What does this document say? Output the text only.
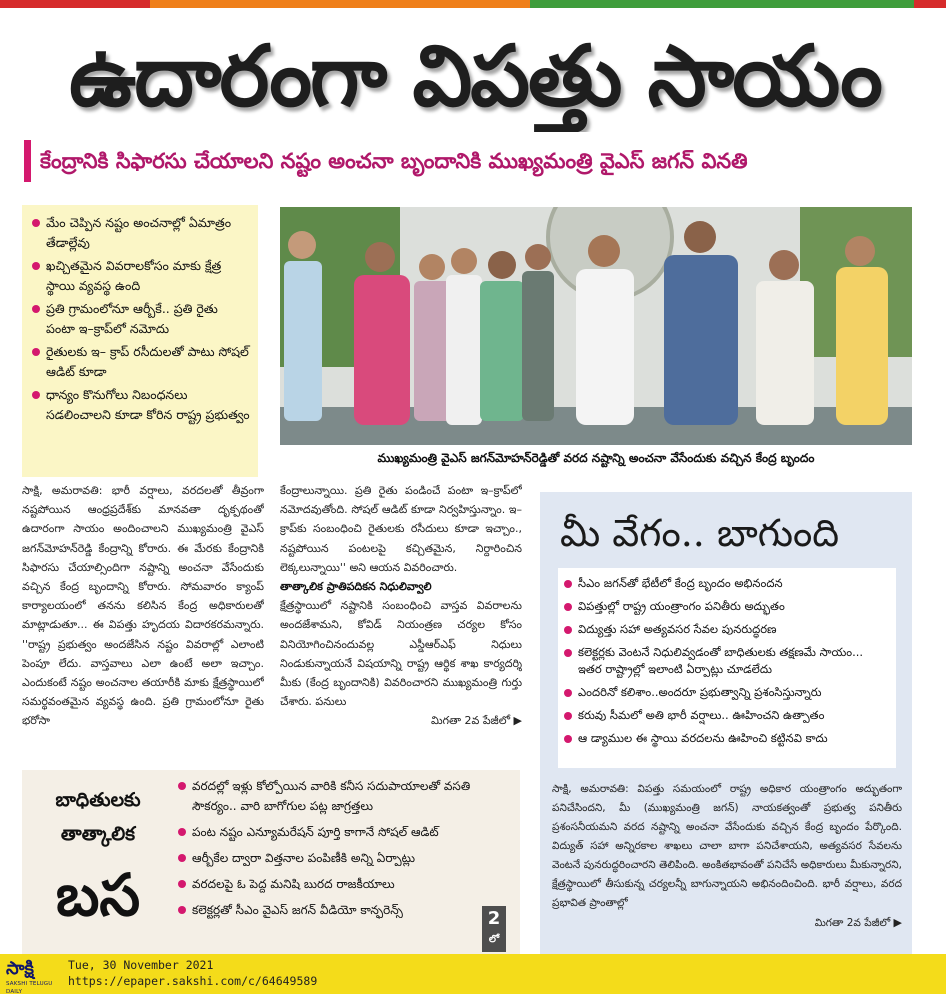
ఉదారంగా విపత్తు సాయం
కేంద్రానికి సిఫారసు చేయాలని నష్టం అంచనా బృందానికి ముఖ్యమంత్రి వైఎస్ జగన్ వినతి
మేం చెప్పిన నష్టం అంచనాల్లో ఏమాత్రం తేడాల్లేవు
ఖచ్చితమైన వివరాలకోసం మాకు క్షేత్ర స్థాయి వ్యవస్థ ఉంది
ప్రతి గ్రామంలోనూ ఆర్బీకే.. ప్రతి రైతు పంటా ఇ–క్రాప్‌లో నమోదు
రైతులకు ఇ– క్రాప్ రసీదులతో పాటు సోషల్ ఆడిట్ కూడా
ధాన్యం కొనుగోలు నిబంధనలు సడలించాలని కూడా కోరిన రాష్ట్ర ప్రభుత్వం
ముఖ్యమంత్రి వైఎస్ జగన్‌మోహన్‌రెడ్డితో వరద నష్టాన్ని అంచనా వేసేందుకు వచ్చిన కేంద్ర బృందం

సాక్షి, అమరావతి: భారీ వర్షాలు, వరదలతో తీవ్రంగా నష్టపోయిన ఆంధ్రప్రదేశ్‌కు మానవతా దృక్పథంతో ఉదారంగా సాయం అందించాలని ముఖ్యమంత్రి వైఎస్ జగన్‌మోహన్‌రెడ్డి కేంద్రాన్ని కోరారు. ఈ మేరకు కేంద్రానికి సిఫారసు చేయాల్సిందిగా నష్టాన్ని అంచనా వేసేందుకు వచ్చిన కేంద్ర బృందాన్ని కోరారు. సోమవారం క్యాంప్ కార్యాలయంలో తనను కలిసిన కేంద్ర అధికారులతో మాట్లాడుతూ... ఈ విపత్తు హృదయ విదారకరమన్నారు. ''రాష్ట్ర ప్రభుత్వం అందజేసిన నష్టం వివరాల్లో ఎలాంటి పెంపూ లేదు. వాస్తవాలు ఎలా ఉంటే అలా ఇచ్చాం. ఎందుకంటే నష్టం అంచనాల తయారీకి మాకు క్షేత్రస్థాయిలో సమర్థవంతమైన వ్యవస్థ ఉంది. ప్రతి గ్రామంలోనూ రైతు భరోసా

కేంద్రాలున్నాయి. ప్రతి రైతు పండించే పంటా ఇ–క్రాప్‌లో నమోదవుతోంది. సోషల్ ఆడిట్ కూడా నిర్వహిస్తున్నాం. ఇ– క్రాప్‌కు సంబంధించి రైతులకు రసీదులు కూడా ఇచ్చాం., నష్టపోయిన పంటలపై కచ్చితమైన, నిర్దారించిన లెక్కలున్నాయి'' అని ఆయన వివరించారు.

తాత్కాలిక ప్రాతిపదికన నిధులివ్వాలి

క్షేత్రస్థాయిలో నష్టానికి సంబంధించి వాస్తవ వివరాలను అందజేశామని, కోవిడ్ నియంత్రణ చర్యల కోసం వినియోగించినందువల్ల ఎస్డీఆర్ఎఫ్ నిధులు నిండుకున్నాయనే విషయాన్ని రాష్ట్ర ఆర్థిక శాఖ కార్యదర్శి మీకు (కేంద్ర బృందానికి) వివరించారని ముఖ్యమంత్రి గుర్తు చేశారు. పనులు

మిగతా 2వ పేజీలో ▶

మీ వేగం.. బాగుంది
సీఎం జగన్‌తో భేటీలో కేంద్ర బృందం అభినందన
విపత్తుల్లో రాష్ట్ర యంత్రాంగం పనితీరు అద్భుతం
విద్యుత్తు సహా అత్యవసర సేవల పునరుద్ధరణ
కలెక్టర్లకు వెంటనే నిధులివ్వడంతో బాధితులకు తక్షణమే సాయం... ఇతర రాష్ట్రాల్లో ఇలాంటి ఏర్పాట్లు చూడలేదు
ఎందరినో కలిశాం..అందరూ ప్రభుత్వాన్ని ప్రశంసిస్తున్నారు
కరువు సీమలో అతి భారీ వర్షాలు.. ఊహించని ఉత్పాతం
ఆ డ్యాముల ఈ స్థాయి వరదలను ఊహించి కట్టినవి కాదు

సాక్షి, అమరావతి: విపత్తు సమయంలో రాష్ట్ర అధికార యంత్రాంగం అద్భుతంగా పనిచేసిందని, మీ (ముఖ్యమంత్రి జగన్) నాయకత్వంతో ప్రభుత్వ పనితీరు ప్రశంసనీయమని వరద నష్టాన్ని అంచనా వేసేందుకు వచ్చిన కేంద్ర బృందం పేర్కొంది. విద్యుత్ సహా అన్నిరకాల శాఖలు చాలా బాగా పనిచేశాయని, అత్యవసర సేవలను వెంటనే పునరుద్ధరించారని తెలిపింది. అంకితభావంతో పనిచేసే అధికారులు మీకున్నారని, క్షేత్రస్థాయిలో తీసుకున్న చర్యలన్నీ బాగున్నాయని అభినందించింది. భారీ వర్షాలు, వరద ప్రభావిత ప్రాంతాల్లో

మిగతా 2వ పేజీలో ▶

బాధితులకు
తాత్కాలిక
బస
వరదల్లో ఇళ్లు కోల్పోయిన వారికి కనీస సదుపాయాలతో వసతి సౌకర్యం.. వారి బాగోగుల పట్ల జాగ్రత్తలు
పంట నష్టం ఎన్యూమరేషన్ పూర్తి కాగానే సోషల్ ఆడిట్
ఆర్బీకేల ద్వారా విత్తనాల పంపిణీకి అన్ని ఏర్పాట్లు
వరదలపై ఓ పెద్ద మనిషి బురద రాజకీయాలు
కలెక్టర్లతో సీఎం వైఎస్ జగన్ వీడియో కాన్ఫరెన్స్	2
లో
సాక్షి
SAKSHI TELUGU DAILY
Tue, 30 November 2021
https://epaper.sakshi.com/c/64649589
